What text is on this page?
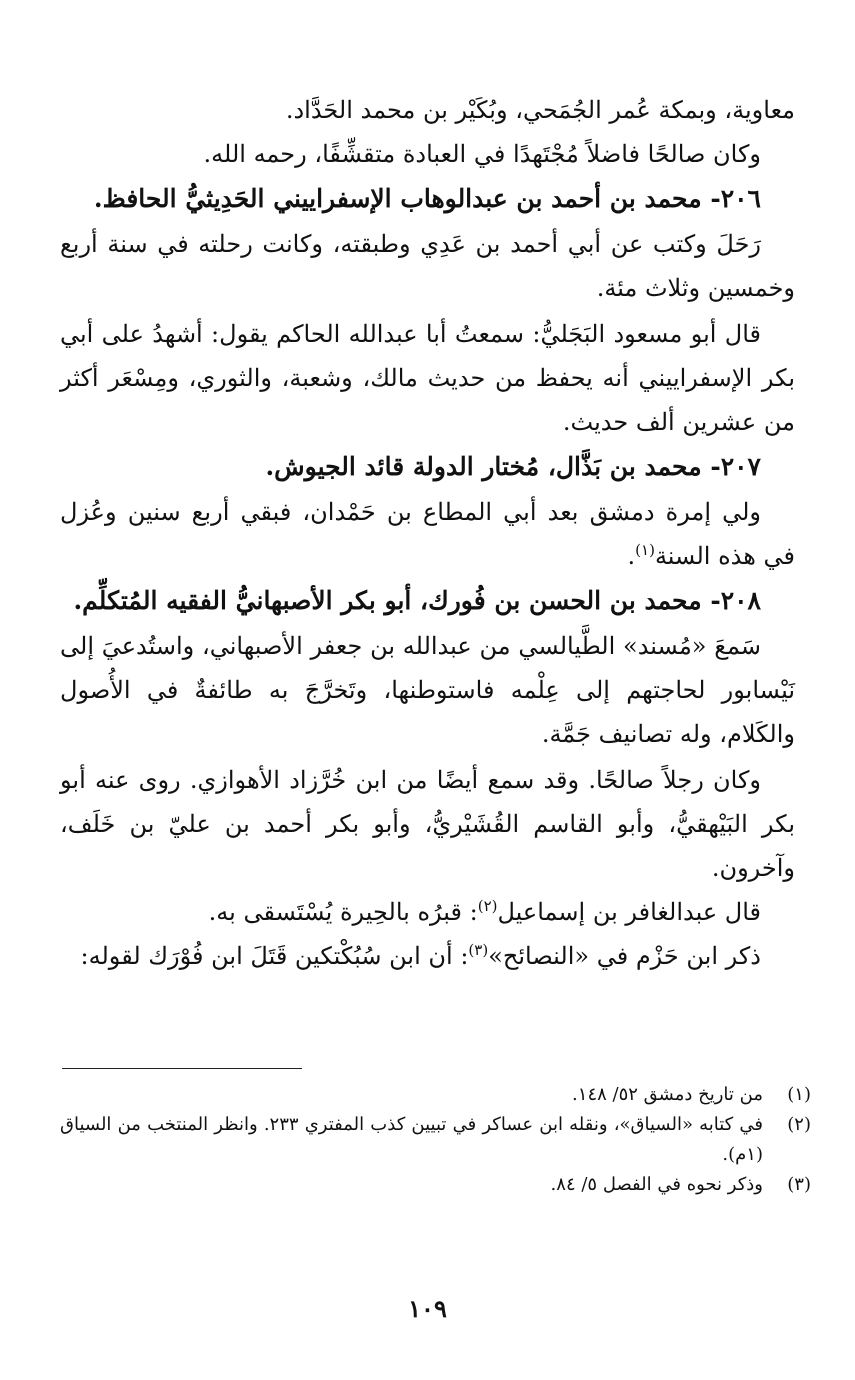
معاوية، وبمكة عُمر الجُمَحي، وبُكَيْر بن محمد الحَدَّاد.

وكان صالحًا فاضلاً مُجْتَهدًا في العبادة متقشِّفًا، رحمه الله.

٢٠٦- محمد بن أحمد بن عبدالوهاب الإسفراييني الحَدِيثيُّ الحافظ.

رَحَلَ وكتب عن أبي أحمد بن عَدِي وطبقته، وكانت رحلته في سنة أربع وخمسين وثلاث مئة.

قال أبو مسعود البَجَليُّ: سمعتُ أبا عبدالله الحاكم يقول: أشهدُ على أبي بكر الإسفراييني أنه يحفظ من حديث مالك، وشعبة، والثوري، ومِسْعَر أكثر من عشرين ألف حديث.

٢٠٧- محمد بن بَذَّال، مُختار الدولة قائد الجيوش.

ولي إمرة دمشق بعد أبي المطاع بن حَمْدان، فبقي أربع سنين وعُزل في هذه السنة$^{(١)}$.

٢٠٨- محمد بن الحسن بن فُورك، أبو بكر الأصبهانيُّ الفقيه المُتكلِّم.

سَمعَ «مُسند» الطَّيالسي من عبدالله بن جعفر الأصبهاني، واستُدعيَ إلى نَيْسابور لحاجتهم إلى عِلْمه فاستوطنها، وتَخرَّجَ به طائفةٌ في الأُصول والكَلام، وله تصانيف جَمَّة.

وكان رجلاً صالحًا. وقد سمع أيضًا من ابن خُرَّزاد الأهوازي. روى عنه أبو بكر البَيْهقيُّ، وأبو القاسم القُشَيْريُّ، وأبو بكر أحمد بن عليّ بن خَلَف، وآخرون.

قال عبدالغافر بن إسماعيل$^{(٢)}$: قبرُه بالحِيرة يُسْتَسقى به.

ذكر ابن حَزْم في «النصائح»$^{(٣)}$: أن ابن سُبُكْتكين قَتَلَ ابن فُوْرَك لقوله:

(١)
من تاريخ دمشق ٥٢/ ١٤٨.

(٢)
في كتابه «السياق»، ونقله ابن عساكر في تبيين كذب المفتري ٢٣٣. وانظر المنتخب من السياق (١م).

(٣)
وذكر نحوه في الفصل ٥/ ٨٤.

١٠٩
